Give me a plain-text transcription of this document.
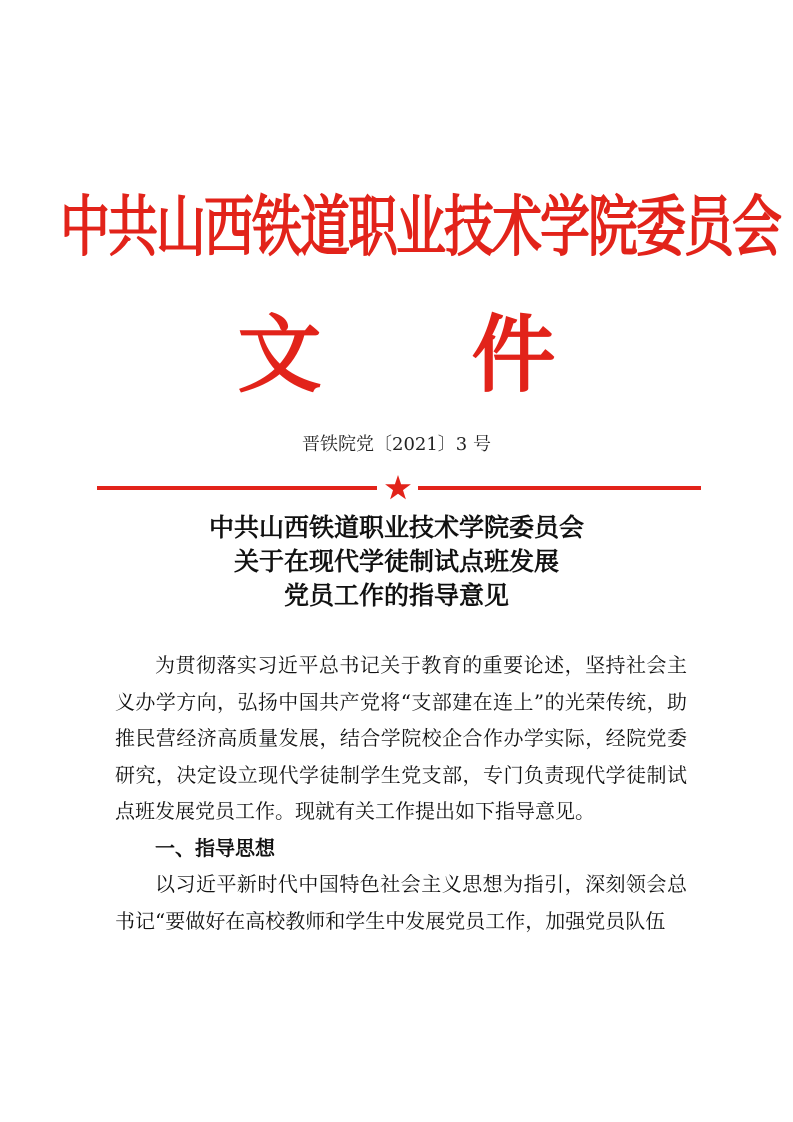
中共山西铁道职业技术学院委员会
文 件
晋铁院党〔2021〕3 号
中共山西铁道职业技术学院委员会
关于在现代学徒制试点班发展
党员工作的指导意见

为贯彻落实习近平总书记关于教育的重要论述，坚持社会主义办学方向，弘扬中国共产党将“支部建在连上”的光荣传统，助推民营经济高质量发展，结合学院校企合作办学实际，经院党委研究，决定设立现代学徒制学生党支部，专门负责现代学徒制试点班发展党员工作。现就有关工作提出如下指导意见。

一、指导思想

以习近平新时代中国特色社会主义思想为指引，深刻领会总书记“要做好在高校教师和学生中发展党员工作，加强党员队伍
